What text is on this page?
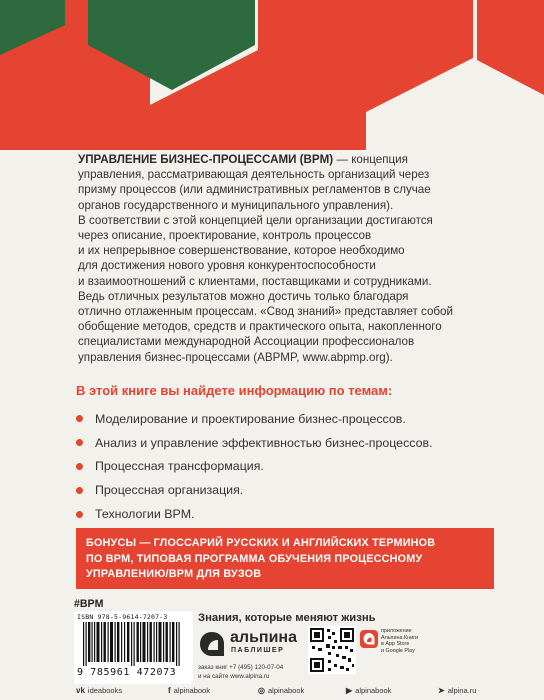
УПРАВЛЕНИЕ БИЗНЕС-ПРОЦЕССАМИ (BPM) — концепция

управления, рассматривающая деятельность организаций через

призму процессов (или административных регламентов в случае

органов государственного и муниципального управления).

В соответствии с этой концепцией цели организации достигаются

через описание, проектирование, контроль процессов

и их непрерывное совершенствование, которое необходимо

для достижения нового уровня конкурентоспособности

и взаимоотношений с клиентами, поставщиками и сотрудниками.

Ведь отличных результатов можно достичь только благодаря

отлично отлаженным процессам. «Свод знаний» представляет собой

обобщение методов, средств и практического опыта, накопленного

специалистами международной Ассоциации профессионалов

управления бизнес-процессами (ABPMP, www.abpmp.org).

В этой книге вы найдете информацию по темам:
Моделирование и проектирование бизнес-процессов.
Анализ и управление эффективностью бизнес-процессов.
Процессная трансформация.
Процессная организация.
Технологии BPM.
БОНУСЫ — ГЛОССАРИЙ РУССКИХ И АНГЛИЙСКИХ ТЕРМИНОВ
ПО BPM, ТИПОВАЯ ПРОГРАММА ОБУЧЕНИЯ ПРОЦЕССНОМУ
УПРАВЛЕНИЮ/BPM ДЛЯ ВУЗОВ
#BPM
ISBN 978-5-9614-7207-3
9 785961 472073
Знания, которые меняют жизнь
альпина
ПАБЛИШЕР
заказ книг +7 (495) 120-07-04
и на сайте www.alpina.ru
приложение
Альпина.Книги
в App Store
и Google Play
vk ideabooks	f alpinabook	◎ alpinabook	▶ alpinabook	➤ alpina.ru
